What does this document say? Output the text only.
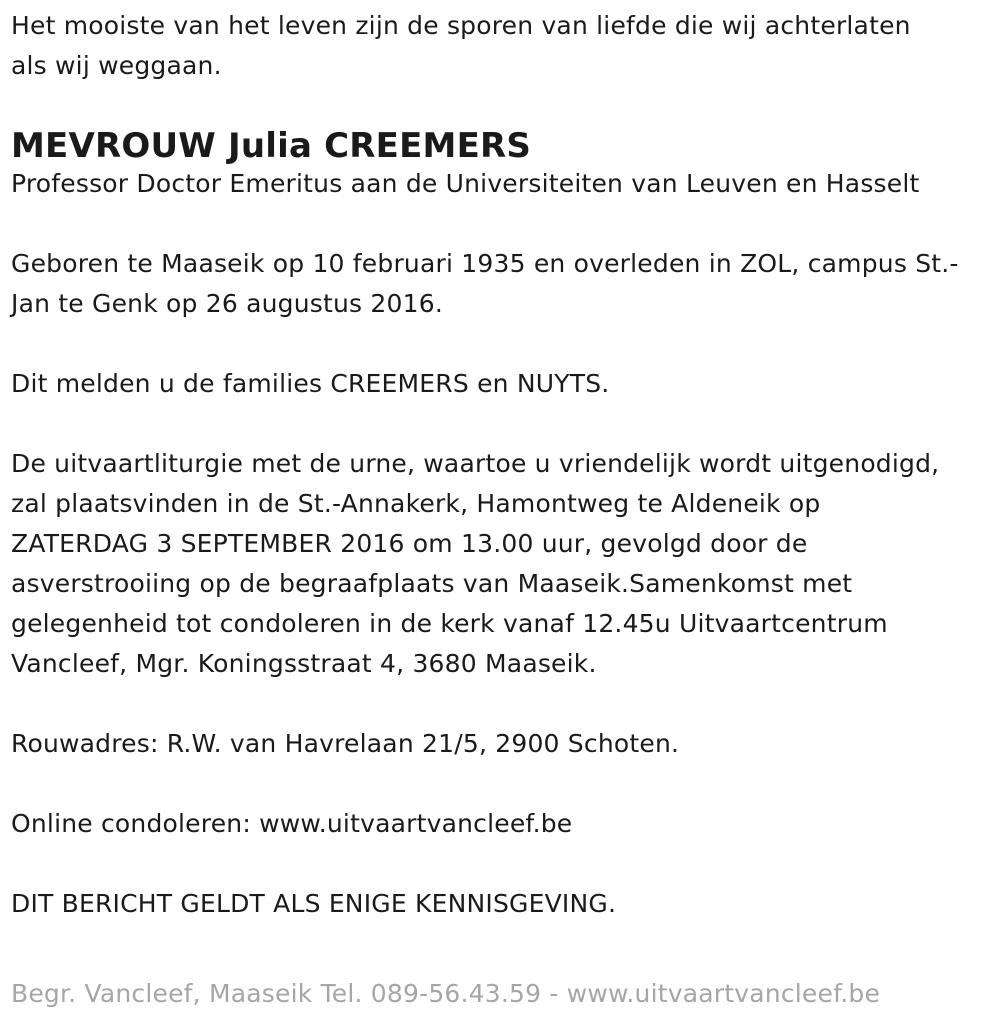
Het mooiste van het leven zijn de sporen van liefde die wij achterlaten
als wij weggaan.

MEVROUW Julia CREEMERS

Professor Doctor Emeritus aan de Universiteiten van Leuven en Hasselt

Geboren te Maaseik op 10 februari 1935 en overleden in ZOL, campus St.-
Jan te Genk op 26 augustus 2016.

Dit melden u de families CREEMERS en NUYTS.

De uitvaartliturgie met de urne, waartoe u vriendelijk wordt uitgenodigd,
zal plaatsvinden in de St.-Annakerk, Hamontweg te Aldeneik op
ZATERDAG 3 SEPTEMBER 2016 om 13.00 uur, gevolgd door de
asverstrooiing op de begraafplaats van Maaseik.Samenkomst met
gelegenheid tot condoleren in de kerk vanaf 12.45u Uitvaartcentrum
Vancleef, Mgr. Koningsstraat 4, 3680 Maaseik.

Rouwadres: R.W. van Havrelaan 21/5, 2900 Schoten.

Online condoleren: www.uitvaartvancleef.be

DIT BERICHT GELDT ALS ENIGE KENNISGEVING.

Begr. Vancleef, Maaseik Tel. 089-56.43.59 - www.uitvaartvancleef.be
